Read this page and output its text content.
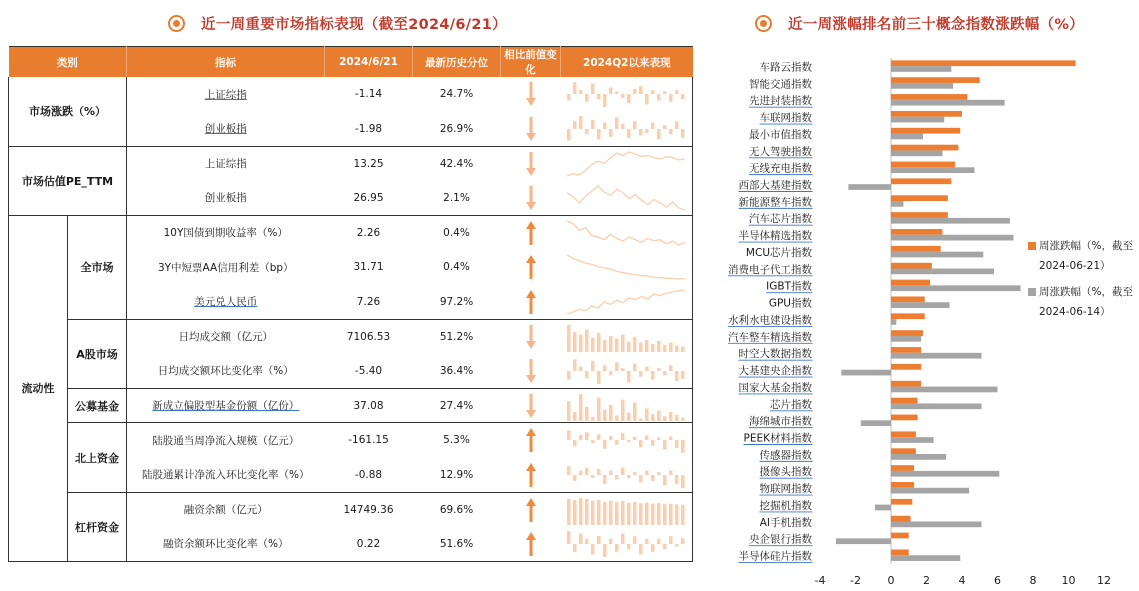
近一周重要市场指标表现（截至2024/6/21）	近一周涨幅排名前三十概念指数涨跌幅（%）
类别		指标	2024/6/21	最新历史分位	相比前值变化	2024Q2以来表现
市场涨跌（%）		上证综指	-1.14	24.7%	

		创业板指	-1.98	26.9%	

市场估值PE_TTM		上证综指	13.25	42.4%	

		创业板指	26.95	2.1%	

流动性	全市场	10Y国债到期收益率（%）	2.26	0.4%	

		3Y中短票AA信用利差（bp）	31.71	0.4%	

		美元兑人民币	7.26	97.2%	

	A股市场	日均成交额（亿元）	7106.53	51.2%	

		日均成交额环比变化率（%）	-5.40	36.4%	

	公募基金	新成立偏股型基金份额（亿份）	37.08	27.4%	

	北上资金	陆股通当周净流入规模（亿元）	-161.15	5.3%	

		陆股通累计净流入环比变化率（%）	-0.88	12.9%	

	杠杆资金	融资余额（亿元）	14749.36	69.6%	

		融资余额环比变化率（%）	0.22	51.6%	

车路云指数
智能交通指数
先进封装指数
车联网指数
最小市值指数
无人驾驶指数
无线充电指数
西部大基建指数
新能源整车指数
汽车芯片指数
半导体精选指数
MCU芯片指数
消费电子代工指数
IGBT指数
GPU指数
水利水电建设指数
汽车整车精选指数
时空大数据指数
大基建央企指数
国家大基金指数
芯片指数
海绵城市指数
PEEK材料指数
传感器指数
摄像头指数
物联网指数
挖掘机指数
AI手机指数
央企银行指数
半导体硅片指数
-4 -2 0	2	4	6	8 10 12
周涨跌幅（%，截至2024-06-21）
周涨跌幅（%，截至2024-06-14）
